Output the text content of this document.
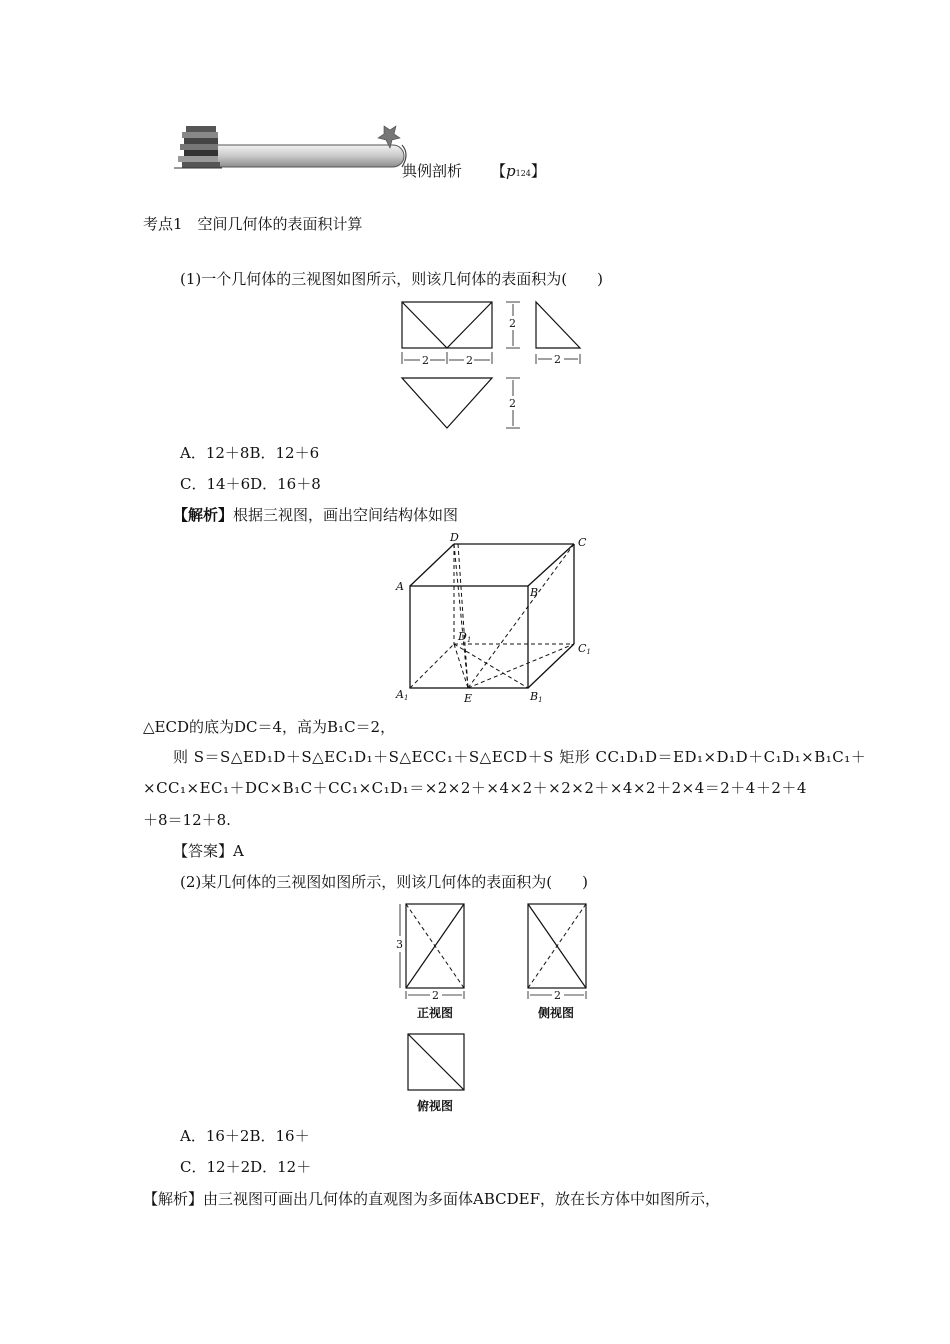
典例剖析 【p124】
考点1　空间几何体的表面积计算
(1)一个几何体的三视图如图所示，则该几何体的表面积为(　　)
2	2
2
2
2
A．12＋8B．12＋6
C．14＋6D．16＋8
【解析】根据三视图，画出空间结构体如图
D	C
A	B
D1
C1
A1	E	B1
△ECD的底为DC＝4，高为B₁C＝2，
则 S＝S△ED₁D＋S△EC₁D₁＋S△ECC₁＋S△ECD＋S 矩形 CC₁D₁D＝ED₁×D₁D＋C₁D₁×B₁C₁＋
×CC₁×EC₁＋DC×B₁C＋CC₁×C₁D₁＝×2×2＋×4×2＋×2×2＋×4×2＋2×4＝2＋4＋2＋4
＋8＝12＋8.
【答案】A
(2)某几何体的三视图如图所示，则该几何体的表面积为(　　)
3
2	2
正视图	侧视图
俯视图
A．16＋2B．16＋
C．12＋2D．12＋
【解析】由三视图可画出几何体的直观图为多面体ABCDEF，放在长方体中如图所示，
